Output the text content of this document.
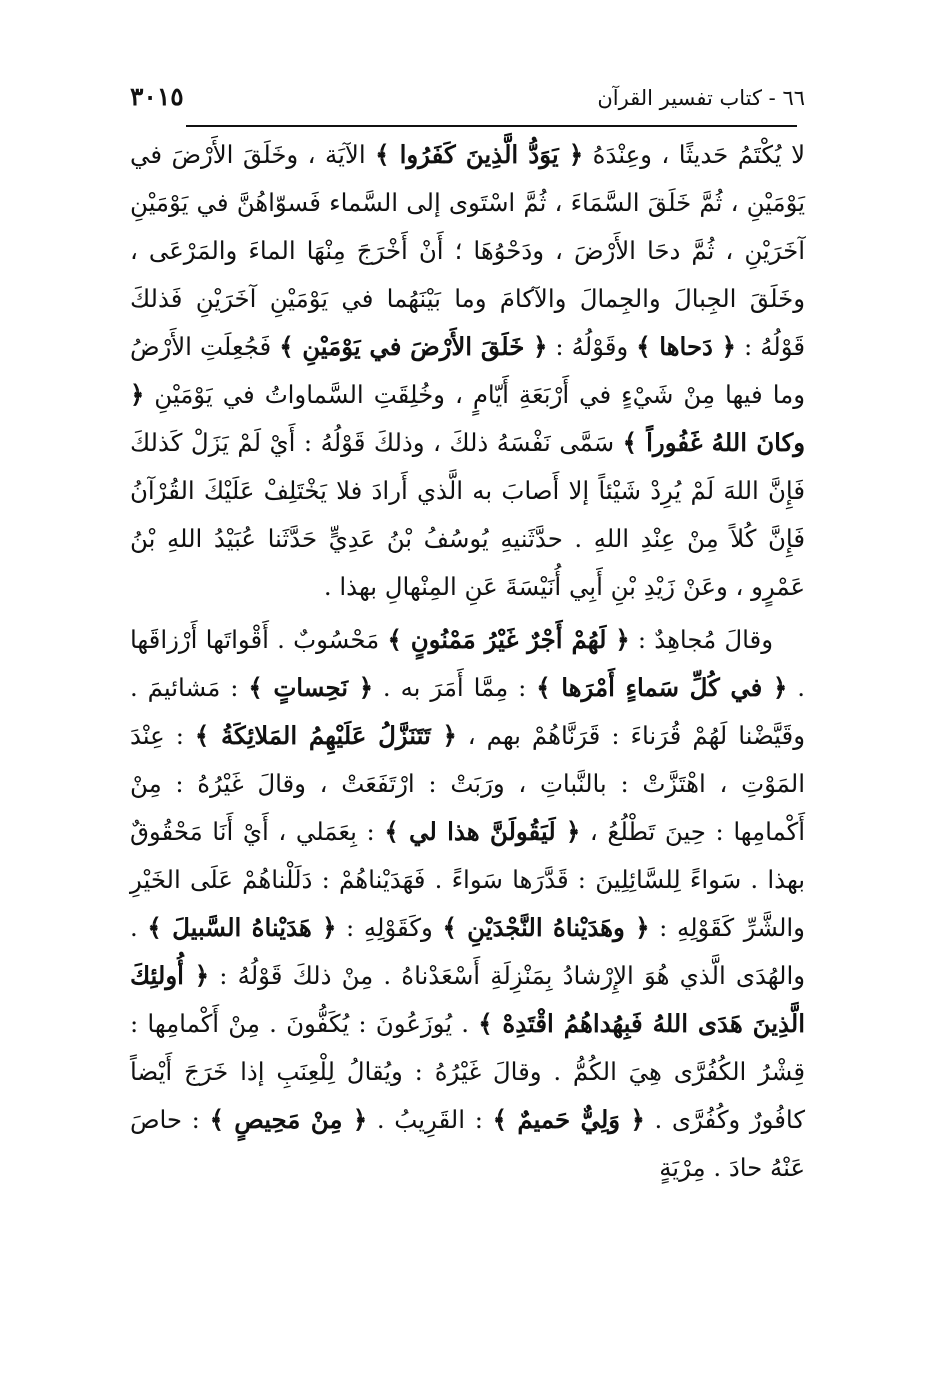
٦٦ - كتاب تفسير القرآن
٣٠١٥

لا يُكْتَمُ حَديثًا ، وعِنْدَهُ ﴿ يَوَدُّ الَّذِينَ كَفَرُوا ﴾ الآيَة ، وخَلَقَ الأَرْضَ في يَوْمَيْنِ ، ثُمَّ خَلَقَ السَّمَاءَ ، ثُمَّ اسْتَوى إلى السَّماء فَسوّاهُنَّ في يَوْمَيْنِ آخَرَيْنِ ، ثُمَّ دحَا الأَرْضَ ، ودَحْوُهَا ؛ أَنْ أَخْرَجَ مِنْهَا الماءَ والمَرْعَى ، وخَلَقَ الجِبالَ والجِمالَ والآكامَ وما بَيْنَهُما في يَوْمَيْنِ آخَرَيْنِ فَذلكَ قَوْلُهُ : ﴿ دَحاها ﴾ وقَوْلُهُ : ﴿ خَلَقَ الأَرْضَ في يَوْمَيْنِ ﴾ فَجُعِلَتِ الأَرْضُ وما فيها مِنْ شَيْءٍ في أَرْبَعَةِ أَيّامٍ ، وخُلِقَتِ السَّماواتُ في يَوْمَيْنِ ﴿ وكانَ اللهُ غَفُوراً ﴾ سَمَّى نَفْسَهُ ذلكَ ، وذلكَ قَوْلُهُ : أَيْ لَمْ يَزَلْ كَذلكَ فَإِنَّ اللهَ لَمْ يُرِدْ شَيْئاً إلا أَصابَ به الَّذي أَرادَ فلا يَخْتَلِفْ عَلَيْكَ القُرْآنُ فَإِنَّ كُلاً مِنْ عِنْدِ اللهِ . حدَّثَنيهِ يُوسُفُ بْنُ عَدِيٍّ حَدَّثَنا عُبَيْدُ اللهِ بْنُ عَمْرٍو ، وعَنْ زَيْدِ بْنِ أَبِي أُنَيْسَةَ عَنِ المِنْهالِ بهذا .

وقالَ مُجاهِدٌ : ﴿ لَهُمْ أَجْرٌ غَيْرُ مَمْنُونٍ ﴾ مَحْسُوبٌ . أَقْواتَها أَرْزاقَها . ﴿ في كُلِّ سَماءٍ أَمْرَها ﴾ : مِمَّا أَمَرَ به . ﴿ نَحِساتٍ ﴾ : مَشائيمَ . وقَيَّضْنا لَهُمْ قُرَناءَ : قَرَنَّاهُمْ بهم ، ﴿ تَتَنَزَّلُ عَلَيْهِمُ المَلائِكَةُ ﴾ : عِنْدَ المَوْتِ ، اهْتَزَّتْ : بالنَّباتِ ، ورَبَتْ : ارْتَفَعَتْ ، وقالَ غَيْرُهُ : مِنْ أَكْمامِها : حِينَ تَطْلُعُ ، ﴿ لَيَقُولَنَّ هذا لي ﴾ : بِعَمَلي ، أَيْ أَنَا مَحْقُوقٌ بهذا . سَواءً لِلسَّائِلِينَ : قَدَّرَها سَواءً . فَهَدَيْناهُمْ : دَلَلْناهُمْ عَلَى الخَيْرِ والشَّرِّ كَقَوْلِهِ : ﴿ وهَدَيْناهُ النَّجْدَيْنِ ﴾ وكَقَوْلِهِ : ﴿ هَدَيْناهُ السَّبيلَ ﴾ . والهُدَى الَّذي هُوَ الإِرْشادُ بِمَنْزِلَةِ أَسْعَدْناهُ . مِنْ ذلكَ قَوْلُهُ : ﴿ أُولئِكَ الَّذِينَ هَدَى اللهُ فَبِهُداهُمُ اقْتَدِهْ ﴾ . يُوزَعُونَ : يُكَفُّونَ . مِنْ أَكْمامِها : قِشْرُ الكُفُرَّى هِيَ الكُمُّ . وقالَ غَيْرُهُ : ويُقالُ لِلْعِنَبِ إذا خَرَجَ أَيْضاً كافُورٌ وكُفُرَّى . ﴿ وَلِيٌّ حَميمٌ ﴾ : القَرِيبُ . ﴿ مِنْ مَحِيصٍ ﴾ : حاصَ عَنْهُ حادَ . مِرْيَةٍ
